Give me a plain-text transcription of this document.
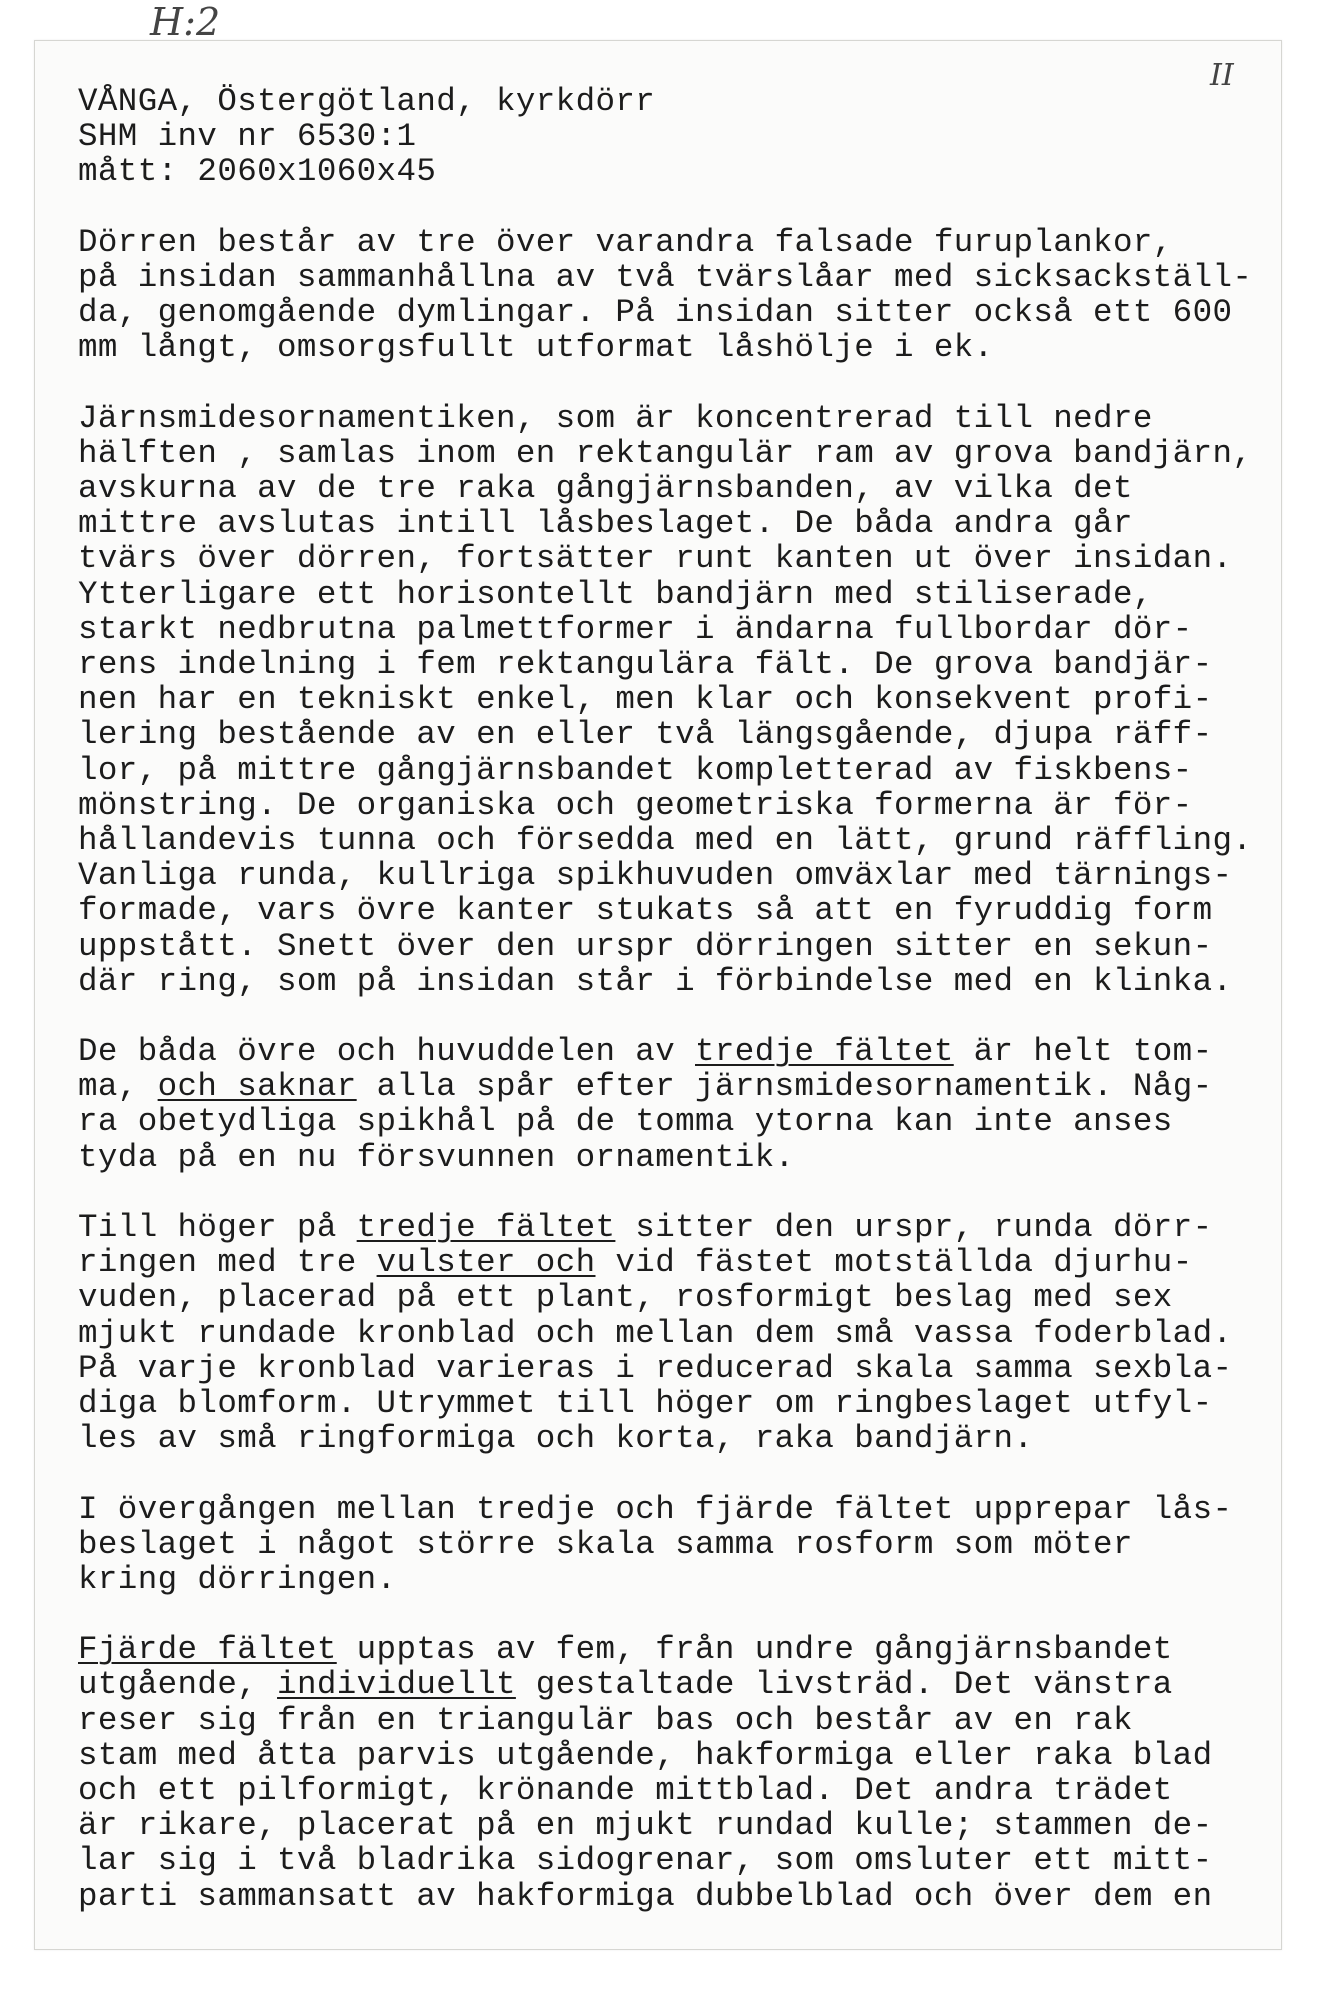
H:2
II
VÅNGA, Östergötland, kyrkdörr
SHM inv nr 6530:1
mått: 2060x1060x45
Dörren består av tre över varandra falsade furuplankor,
på insidan sammanhållna av två tvärslåar med sicksackställ-
da, genomgående dymlingar. På insidan sitter också ett 600
mm långt, omsorgsfullt utformat låshölje i ek.
Järnsmidesornamentiken, som är koncentrerad till nedre
hälften , samlas inom en rektangulär ram av grova bandjärn,
avskurna av de tre raka gångjärnsbanden, av vilka det
mittre avslutas intill låsbeslaget. De båda andra går
tvärs över dörren, fortsätter runt kanten ut över insidan.
Ytterligare ett horisontellt bandjärn med stiliserade,
starkt nedbrutna palmettformer i ändarna fullbordar dör-
rens indelning i fem rektangulära fält. De grova bandjär-
nen har en tekniskt enkel, men klar och konsekvent profi-
lering bestående av en eller två längsgående, djupa räff-
lor, på mittre gångjärnsbandet kompletterad av fiskbens-
mönstring. De organiska och geometriska formerna är för-
hållandevis tunna och försedda med en lätt, grund räffling.
Vanliga runda, kullriga spikhuvuden omväxlar med tärnings-
formade, vars övre kanter stukats så att en fyruddig form
uppstått. Snett över den urspr dörringen sitter en sekun-
där ring, som på insidan står i förbindelse med en klinka.
De båda övre och huvuddelen av tredje fältet är helt tom-
ma, och saknar alla spår efter järnsmidesornamentik. Någ-
ra obetydliga spikhål på de tomma ytorna kan inte anses
tyda på en nu försvunnen ornamentik.
Till höger på tredje fältet sitter den urspr, runda dörr-
ringen med tre vulster och vid fästet motställda djurhu-
vuden, placerad på ett plant, rosformigt beslag med sex
mjukt rundade kronblad och mellan dem små vassa foderblad.
På varje kronblad varieras i reducerad skala samma sexbla-
diga blomform. Utrymmet till höger om ringbeslaget utfyl-
les av små ringformiga och korta, raka bandjärn.
I övergången mellan tredje och fjärde fältet upprepar lås-
beslaget i något större skala samma rosform som möter
kring dörringen.
Fjärde fältet upptas av fem, från undre gångjärnsbandet
utgående, individuellt gestaltade livsträd. Det vänstra
reser sig från en triangulär bas och består av en rak
stam med åtta parvis utgående, hakformiga eller raka blad
och ett pilformigt, krönande mittblad. Det andra trädet
är rikare, placerat på en mjukt rundad kulle; stammen de-
lar sig i två bladrika sidogrenar, som omsluter ett mitt-
parti sammansatt av hakformiga dubbelblad och över dem en
